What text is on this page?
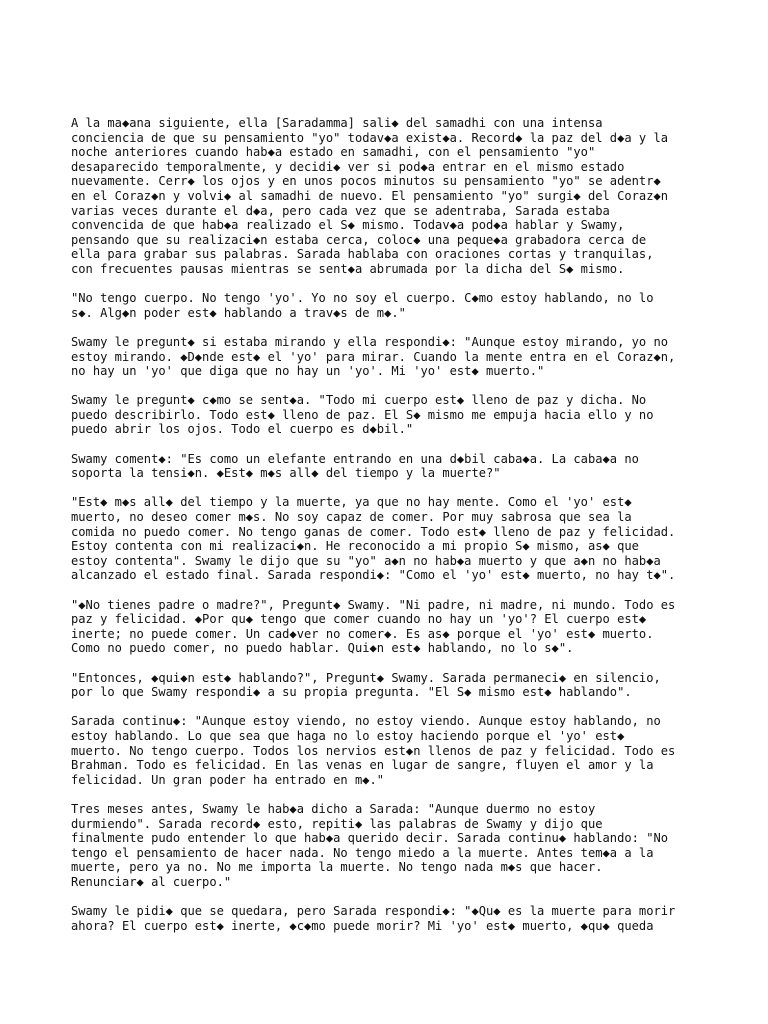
A la ma◆ana siguiente, ella [Saradamma] sali◆ del samadhi con una intensa
conciencia de que su pensamiento "yo" todav◆a exist◆a. Record◆ la paz del d◆a y la
noche anteriores cuando hab◆a estado en samadhi, con el pensamiento "yo"
desaparecido temporalmente, y decidi◆ ver si pod◆a entrar en el mismo estado
nuevamente. Cerr◆ los ojos y en unos pocos minutos su pensamiento "yo" se adentr◆
en el Coraz◆n y volvi◆ al samadhi de nuevo. El pensamiento "yo" surgi◆ del Coraz◆n
varias veces durante el d◆a, pero cada vez que se adentraba, Sarada estaba
convencida de que hab◆a realizado el S◆ mismo. Todav◆a pod◆a hablar y Swamy,
pensando que su realizaci◆n estaba cerca, coloc◆ una peque◆a grabadora cerca de
ella para grabar sus palabras. Sarada hablaba con oraciones cortas y tranquilas,
con frecuentes pausas mientras se sent◆a abrumada por la dicha del S◆ mismo.

"No tengo cuerpo. No tengo 'yo'. Yo no soy el cuerpo. C◆mo estoy hablando, no lo
s◆. Alg◆n poder est◆ hablando a trav◆s de m◆."

Swamy le pregunt◆ si estaba mirando y ella respondi◆: "Aunque estoy mirando, yo no
estoy mirando. ◆D◆nde est◆ el 'yo' para mirar. Cuando la mente entra en el Coraz◆n,
no hay un 'yo' que diga que no hay un 'yo'. Mi 'yo' est◆ muerto."

Swamy le pregunt◆ c◆mo se sent◆a. "Todo mi cuerpo est◆ lleno de paz y dicha. No
puedo describirlo. Todo est◆ lleno de paz. El S◆ mismo me empuja hacia ello y no
puedo abrir los ojos. Todo el cuerpo es d◆bil."

Swamy coment◆: "Es como un elefante entrando en una d◆bil caba◆a. La caba◆a no
soporta la tensi◆n. ◆Est◆ m◆s all◆ del tiempo y la muerte?"

"Est◆ m◆s all◆ del tiempo y la muerte, ya que no hay mente. Como el 'yo' est◆
muerto, no deseo comer m◆s. No soy capaz de comer. Por muy sabrosa que sea la
comida no puedo comer. No tengo ganas de comer. Todo est◆ lleno de paz y felicidad.
Estoy contenta con mi realizaci◆n. He reconocido a mi propio S◆ mismo, as◆ que
estoy contenta". Swamy le dijo que su "yo" a◆n no hab◆a muerto y que a◆n no hab◆a
alcanzado el estado final. Sarada respondi◆: "Como el 'yo' est◆ muerto, no hay t◆".

"◆No tienes padre o madre?", Pregunt◆ Swamy. "Ni padre, ni madre, ni mundo. Todo es
paz y felicidad. ◆Por qu◆ tengo que comer cuando no hay un 'yo'? El cuerpo est◆
inerte; no puede comer. Un cad◆ver no comer◆. Es as◆ porque el 'yo' est◆ muerto.
Como no puedo comer, no puedo hablar. Qui◆n est◆ hablando, no lo s◆".

"Entonces, ◆qui◆n est◆ hablando?", Pregunt◆ Swamy. Sarada permaneci◆ en silencio,
por lo que Swamy respondi◆ a su propia pregunta. "El S◆ mismo est◆ hablando".

Sarada continu◆: "Aunque estoy viendo, no estoy viendo. Aunque estoy hablando, no
estoy hablando. Lo que sea que haga no lo estoy haciendo porque el 'yo' est◆
muerto. No tengo cuerpo. Todos los nervios est◆n llenos de paz y felicidad. Todo es
Brahman. Todo es felicidad. En las venas en lugar de sangre, fluyen el amor y la
felicidad. Un gran poder ha entrado en m◆."

Tres meses antes, Swamy le hab◆a dicho a Sarada: "Aunque duermo no estoy
durmiendo". Sarada record◆ esto, repiti◆ las palabras de Swamy y dijo que
finalmente pudo entender lo que hab◆a querido decir. Sarada continu◆ hablando: "No
tengo el pensamiento de hacer nada. No tengo miedo a la muerte. Antes tem◆a a la
muerte, pero ya no. No me importa la muerte. No tengo nada m◆s que hacer.
Renunciar◆ al cuerpo."

Swamy le pidi◆ que se quedara, pero Sarada respondi◆: "◆Qu◆ es la muerte para morir
ahora? El cuerpo est◆ inerte, ◆c◆mo puede morir? Mi 'yo' est◆ muerto, ◆qu◆ queda
